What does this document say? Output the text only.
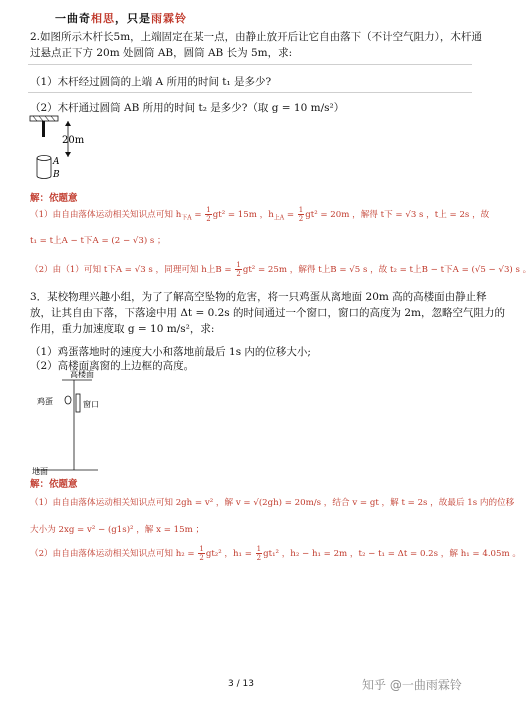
一曲奇相思，只是雨霖铃
2.如图所示木杆长5m，上端固定在某一点，由静止放开后让它自由落下（不计空气阻力），木杆通
过悬点正下方 20m 处圆筒 AB，圆筒 AB 长为 5m，求:
（1）木杆经过圆筒的上端 A 所用的时间 t₁ 是多少?
（2）木杆通过圆筒 AB 所用的时间 t₂ 是多少?（取 g = 10 m/s²）
20m
A
B
解：依题意
（1）由自由落体运动相关知识点可知 $h_{下A} = \frac{1}{2} gt^2 = 15m$ ，$h_{上A} = \frac{1}{2} gt^2 = 20m$ ，解得 t下 = √3 s ，t上 = 2s ，故
t₁ = t上A − t下A = (2 − √3) s ；
（2）由（1）可知 t下A = √3 s ，同理可知 h上$B = \frac{1}{2} gt^2 = 25m$ ，解得 t上B = √5 s ，故 t₂ = t上B − t下A = (√5 − √3) s 。
3．某校物理兴趣小组，为了了解高空坠物的危害，将一只鸡蛋从离地面 20m 高的高楼面由静止释
放，让其自由下落，下落途中用 Δt = 0.2s 的时间通过一个窗口，窗口的高度为 2m，忽略空气阻力的
作用，重力加速度取 g = 10 m/s²，求:
（1）鸡蛋落地时的速度大小和落地前最后 1s 内的位移大小;
（2）高楼面离窗的上边框的高度。
高楼面
鸡蛋	窗口
地面
解：依题意
（1）由自由落体运动相关知识点可知 2gh = v² ，解 v = √(2gh) = 20m/s ，结合 v = gt ，解 t = 2s ，故最后 1s 内的位移
大小为 2xg = v² − (g1s)² ，解 x = 15m ；
（2）由自由落体运动相关知识点可知 $h_2 = \frac{1}{2} gt_2^2$ ，$h_1 = \frac{1}{2} gt_1^2$ ，h₂ − h₁ = 2m ，t₂ − t₁ = Δt = 0.2s ，解 h₁ = 4.05m 。
3 / 13	知乎 @一曲雨霖铃
